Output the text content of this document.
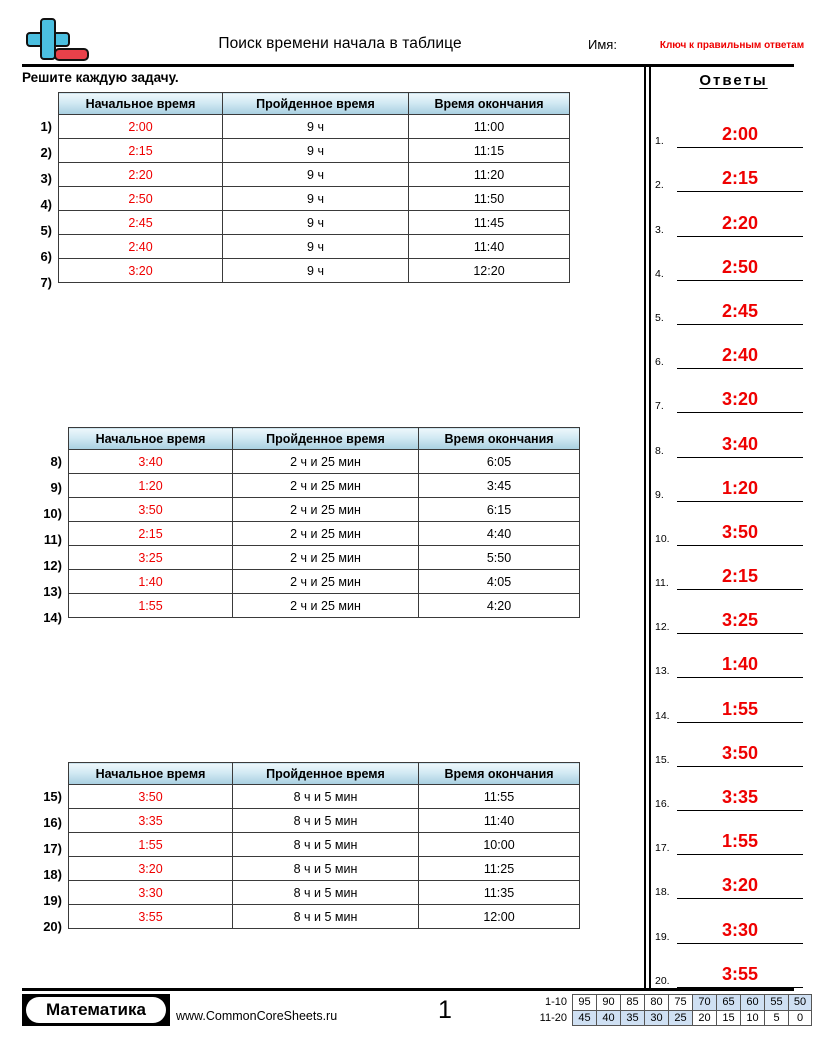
Поиск времени начала в таблице	Имя:	Ключ к правильным ответам
Решите каждую задачу.
Начальное время	Пройденное время	Время окончания
2:00	9 ч	11:00
2:15	9 ч	11:15
2:20	9 ч	11:20
2:50	9 ч	11:50
2:45	9 ч	11:45
2:40	9 ч	11:40
3:20	9 ч	12:20
Начальное время	Пройденное время	Время окончания
3:40	2 ч и 25 мин	6:05
1:20	2 ч и 25 мин	3:45
3:50	2 ч и 25 мин	6:15
2:15	2 ч и 25 мин	4:40
3:25	2 ч и 25 мин	5:50
1:40	2 ч и 25 мин	4:05
1:55	2 ч и 25 мин	4:20
Начальное время	Пройденное время	Время окончания
3:50	8 ч и 5 мин	11:55
3:35	8 ч и 5 мин	11:40
1:55	8 ч и 5 мин	10:00
3:20	8 ч и 5 мин	11:25
3:30	8 ч и 5 мин	11:35
3:55	8 ч и 5 мин	12:00
1)
2)
3)
4)
5)
6)
7)
8)
9)
10)
11)
12)
13)
14)
15)
16)
17)
18)
19)
20)
Ответы
1.	2:00
2.	2:15
3.	2:20
4.	2:50
5.	2:45
6.	2:40
7.	3:20
8.	3:40
9.	1:20
10.	3:50
11.	2:15
12.	3:25
13.	1:40
14.	1:55
15.	3:50
16.	3:35
17.	1:55
18.	3:20
19.	3:30
20.	3:55
Математика	www.CommonCoreSheets.ru	1	1-10	95	90	85	80	75	70	65	60	55	50
11-20	45	40	35	30	25	20	15	10	5	0
